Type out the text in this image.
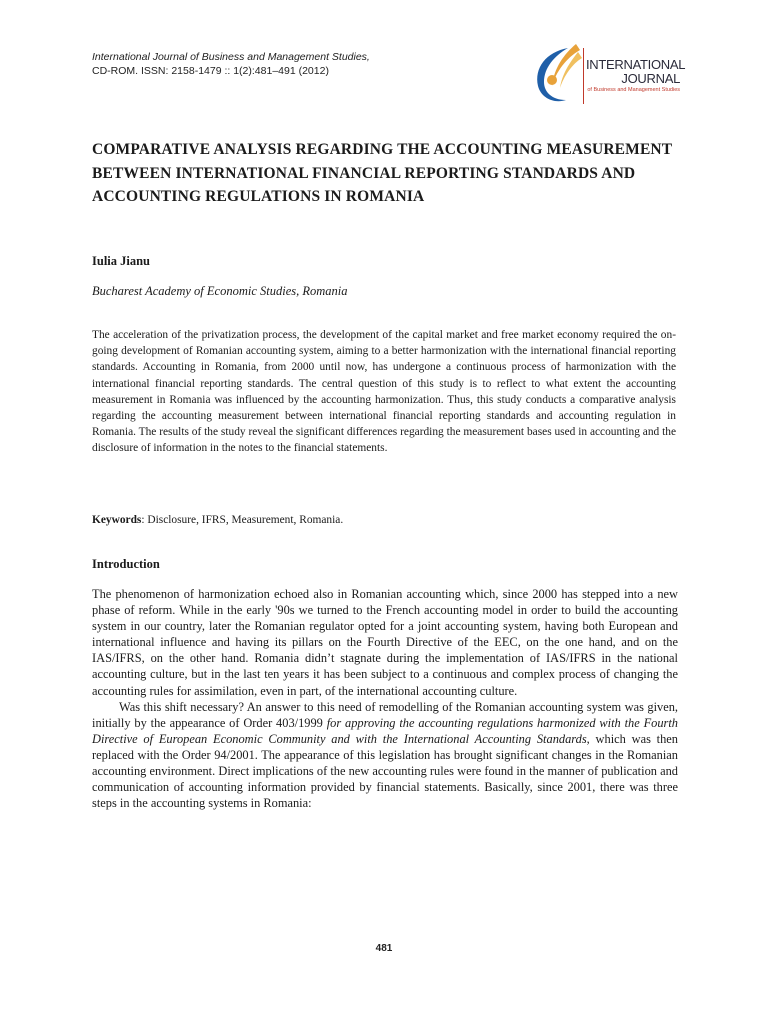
International Journal of Business and Management Studies,
CD-ROM. ISSN: 2158-1479 :: 1(2):481–491 (2012)	INTERNATIONAL
JOURNAL
of Business and Management Studies
COMPARATIVE ANALYSIS REGARDING THE ACCOUNTING MEASUREMENT BETWEEN INTERNATIONAL FINANCIAL REPORTING STANDARDS AND ACCOUNTING REGULATIONS IN ROMANIA
Iulia Jianu
Bucharest Academy of Economic Studies, Romania

The acceleration of the privatization process, the development of the capital market and free market economy required the on-going development of Romanian accounting system, aiming to a better harmonization with the international financial reporting standards. Accounting in Romania, from 2000 until now, has undergone a continuous process of harmonization with the international financial reporting standards. The central question of this study is to reflect to what extent the accounting measurement in Romania was influenced by the accounting harmonization. Thus, this study conducts a comparative analysis regarding the accounting measurement between international financial reporting standards and accounting regulation in Romania. The results of the study reveal the significant differences regarding the measurement bases used in accounting and the disclosure of information in the notes to the financial statements.

Keywords: Disclosure, IFRS, Measurement, Romania.
Introduction

The phenomenon of harmonization echoed also in Romanian accounting which, since 2000 has stepped into a new phase of reform. While in the early '90s we turned to the French accounting model in order to build the accounting system in our country, later the Romanian regulator opted for a joint accounting system, having both European and international influence and having its pillars on the Fourth Directive of the EEC, on the one hand, and on the IAS/IFRS, on the other hand. Romania didn’t stagnate during the implementation of IAS/IFRS in the national accounting culture, but in the last ten years it has been subject to a continuous and complex process of changing the accounting rules for assimilation, even in part, of the international accounting culture.

Was this shift necessary? An answer to this need of remodelling of the Romanian accounting system was given, initially by the appearance of Order 403/1999 for approving the accounting regulations harmonized with the Fourth Directive of European Economic Community and with the International Accounting Standards, which was then replaced with the Order 94/2001. The appearance of this legislation has brought significant changes in the Romanian accounting environment. Direct implications of the new accounting rules were found in the manner of publication and communication of accounting information provided by financial statements. Basically, since 2001, there was three steps in the accounting systems in Romania:

481
